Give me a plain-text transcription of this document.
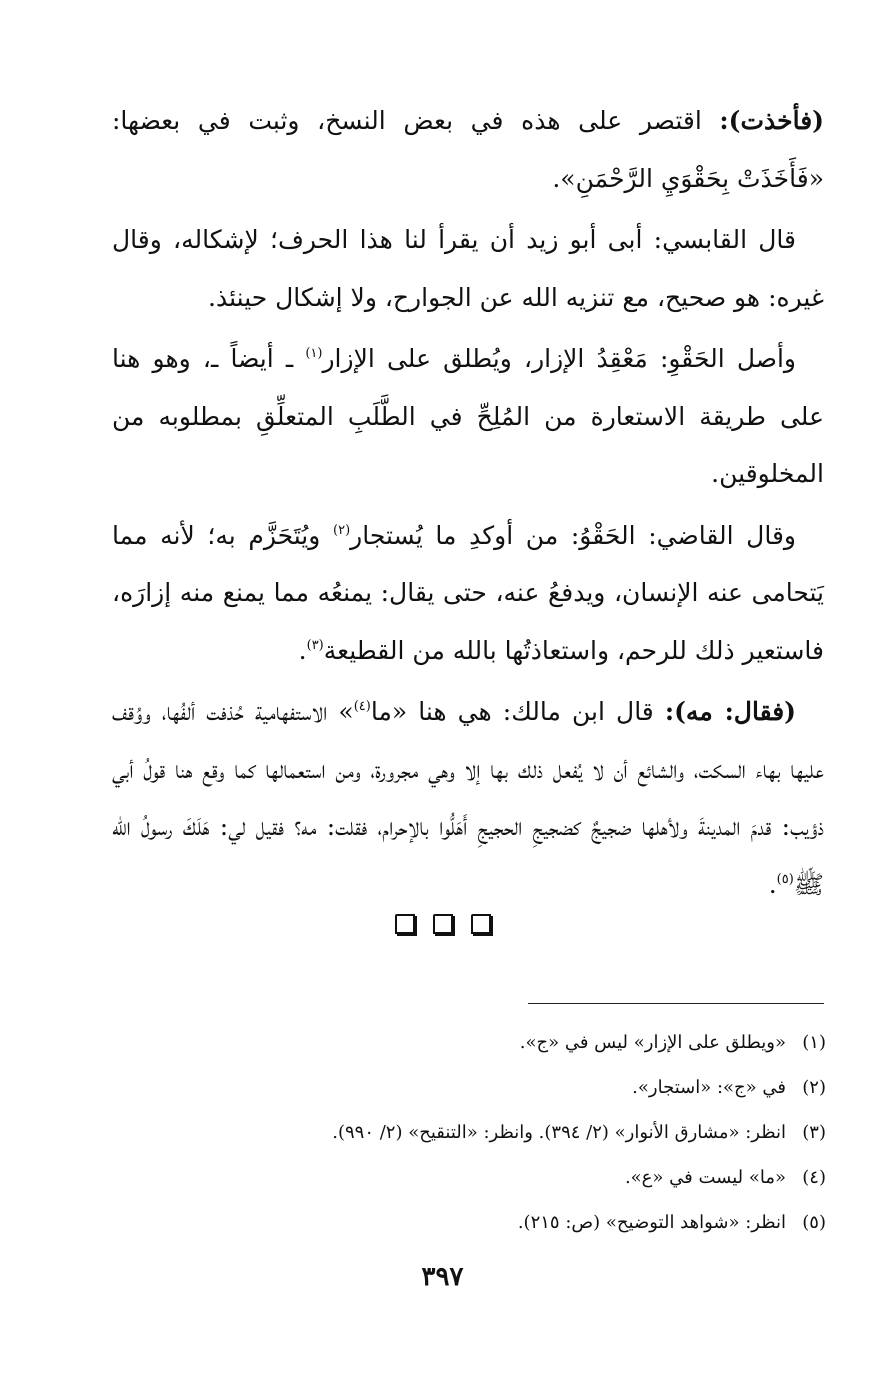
(فأخذت): اقتصر على هذه في بعض النسخ، وثبت في بعضها: «فَأَخَذَتْ بِحَقْوَيِ الرَّحْمَنِ».

قال القابسي: أبى أبو زيد أن يقرأ لنا هذا الحرف؛ لإشكاله، وقال غيره: هو صحيح، مع تنزيه الله عن الجوارح، ولا إشكال حينئذ.

وأصل الحَقْوِ: مَعْقِدُ الإزار، ويُطلق على الإزار$^{(١)}$ ـ أيضاً ـ، وهو هنا على طريقة الاستعارة من المُلِحِّ في الطَّلَبِ المتعلِّقِ بمطلوبه من المخلوقين.

وقال القاضي: الحَقْوُ: من أوكدِ ما يُستجار$^{(٢)}$ ويُتَحَزَّم به؛ لأنه مما يَتحامى عنه الإنسان، ويدفعُ عنه، حتى يقال: يمنعُه مما يمنع منه إزارَه، فاستعير ذلك للرحم، واستعاذتُها بالله من القطيعة$^{(٣)}$.

(فقال: مه): قال ابن مالك: هي هنا «ما$^{(٤)}$» الاستفهامية حُذفت ألفُها، ووُقف عليها بهاء السكت، والشائع أن لا يُفعل ذلك بها إلا وهي مجرورة، ومن استعمالها كما وقع هنا قولُ أبي ذؤيب: قدمَ المدينةَ ولأهلها ضجيجٌ كضجيجِ الحجيجِ أَهَلُّوا بالإحرام، فقلت: مه؟ فقيل لي: هَلَكَ رسولُ الله ﷺ$^{(٥)}$.

(١)
«ويطلق على الإزار» ليس في «ج».
(٢)
في «ج»: «استجار».
(٣)
انظر: «مشارق الأنوار» (٢/ ٣٩٤). وانظر: «التنقيح» (٢/ ٩٩٠).
(٤)
«ما» ليست في «ع».
(٥)
انظر: «شواهد التوضيح» (ص: ٢١٥).
٣٩٧
